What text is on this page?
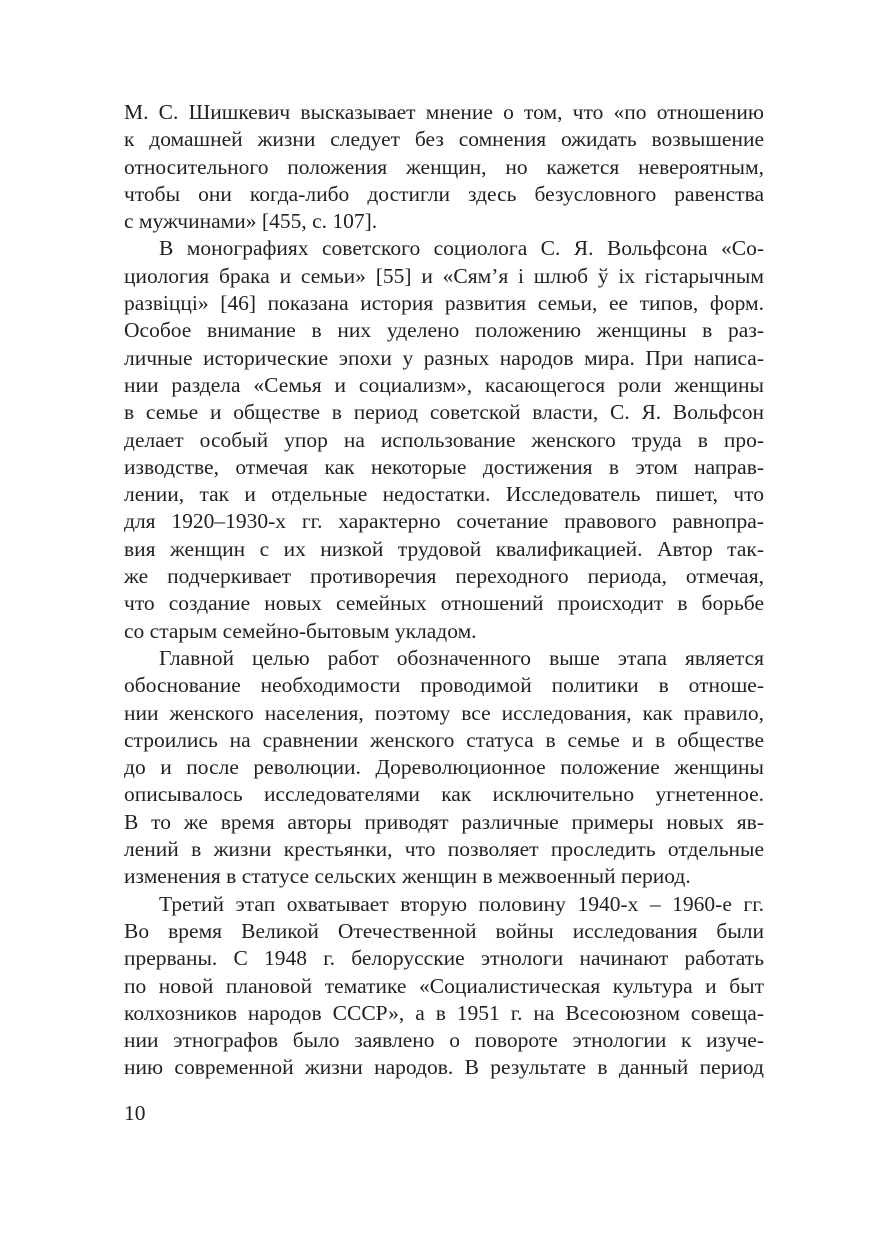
М. С. Шишкевич высказывает мнение о том, что «по отношению
к домашней жизни следует без сомнения ожидать возвышение
относительного положения женщин, но кажется невероятным,
чтобы они когда-либо достигли здесь безусловного равенства
с мужчинами» [455, с. 107].

В монографиях советского социолога С. Я. Вольфсона «Со-
циология брака и семьи» [55] и «Сям’я і шлюб ў іх гістарычным
развіцці» [46] показана история развития семьи, ее типов, форм.
Особое внимание в них уделено положению женщины в раз-
личные исторические эпохи у разных народов мира. При написа-
нии раздела «Семья и социализм», касающегося роли женщины
в семье и обществе в период советской власти, С. Я. Вольфсон
делает особый упор на использование женского труда в про-
изводстве, отмечая как некоторые достижения в этом направ-
лении, так и отдельные недостатки. Исследователь пишет, что
для 1920–1930-х гг. характерно сочетание правового равнопра-
вия женщин с их низкой трудовой квалификацией. Автор так-
же подчеркивает противоречия переходного периода, отмечая,
что создание новых семейных отношений происходит в борьбе
со старым семейно-бытовым укладом.

Главной целью работ обозначенного выше этапа является
обоснование необходимости проводимой политики в отноше-
нии женского населения, поэтому все исследования, как правило,
строились на сравнении женского статуса в семье и в обществе
до и после революции. Дореволюционное положение женщины
описывалось исследователями как исключительно угнетенное.
В то же время авторы приводят различные примеры новых яв-
лений в жизни крестьянки, что позволяет проследить отдельные
изменения в статусе сельских женщин в межвоенный период.

Третий этап охватывает вторую половину 1940-х – 1960-е гг.
Во время Великой Отечественной войны исследования были
прерваны. С 1948 г. белорусские этнологи начинают работать
по новой плановой тематике «Социалистическая культура и быт
колхозников народов СССР», а в 1951 г. на Всесоюзном совеща-
нии этнографов было заявлено о повороте этнологии к изуче-
нию современной жизни народов. В результате в данный период

10
